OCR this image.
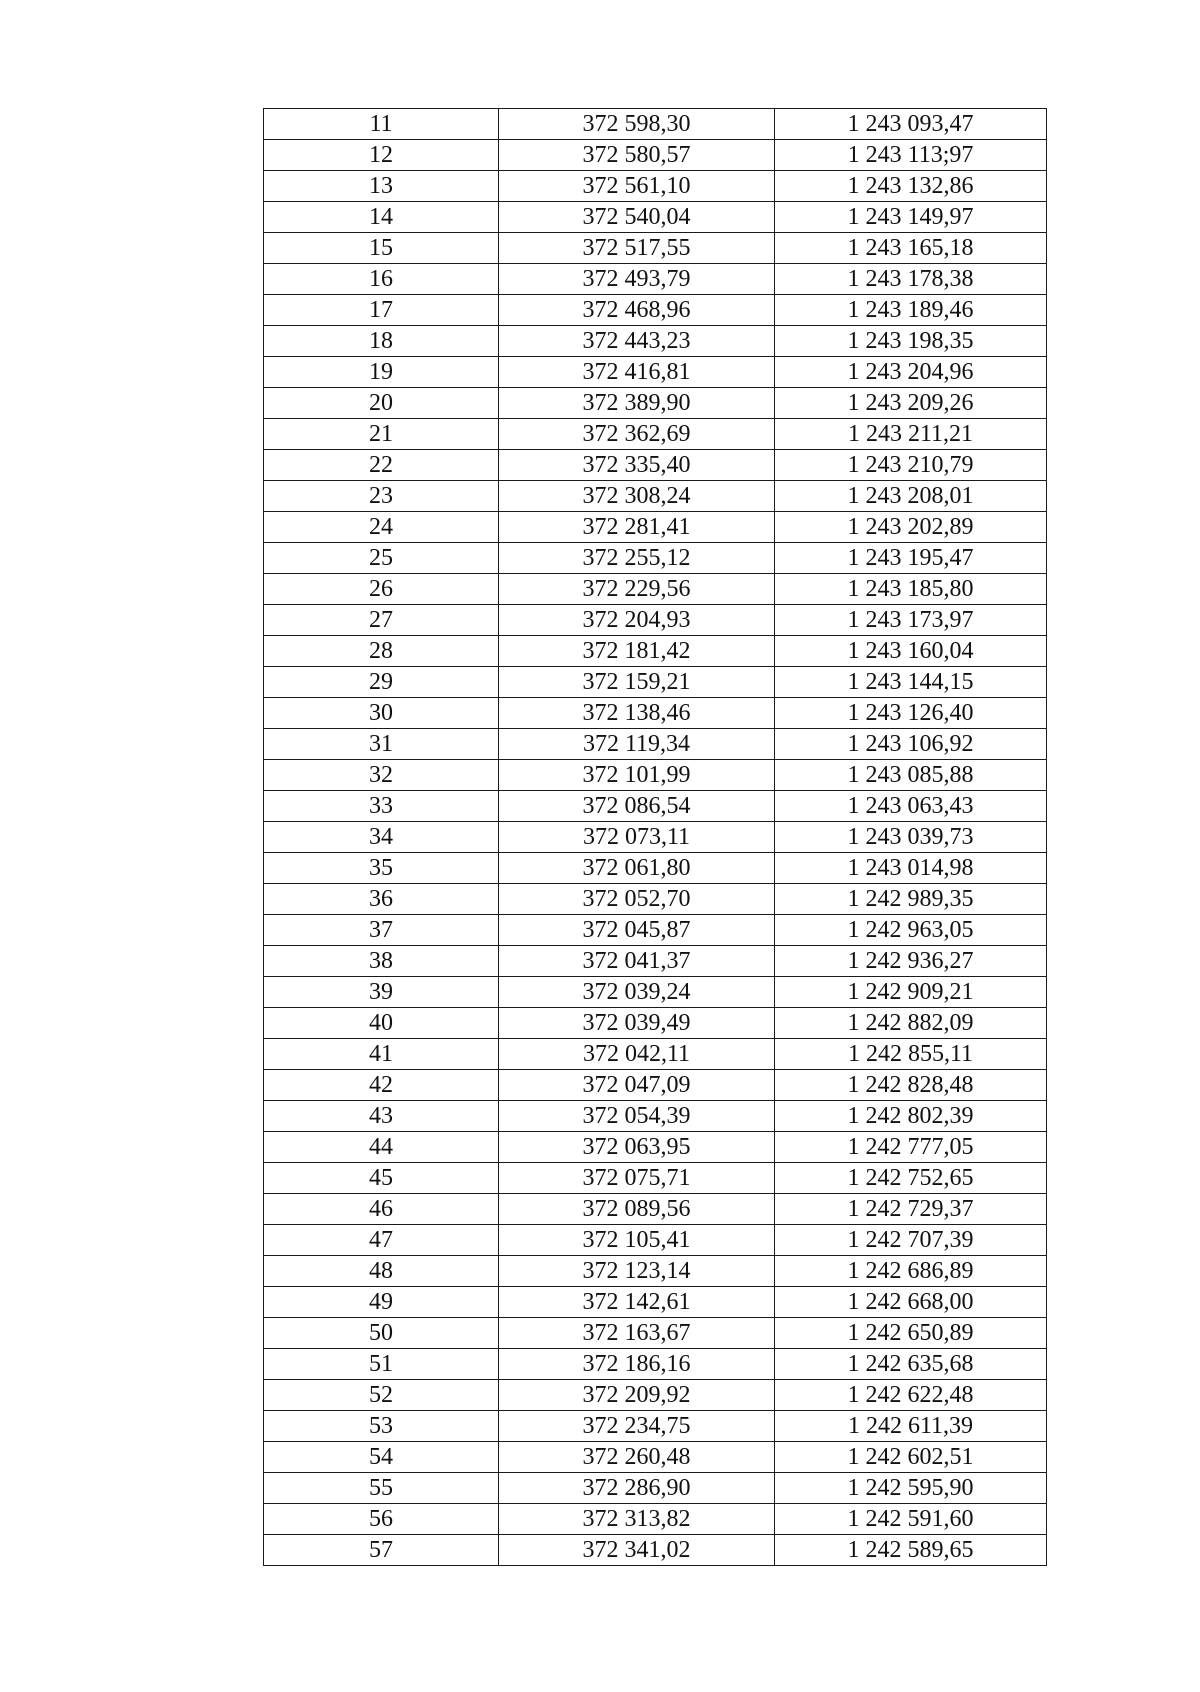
11	372 598,30	1 243 093,47
12	372 580,57	1 243 113;97
13	372 561,10	1 243 132,86
14	372 540,04	1 243 149,97
15	372 517,55	1 243 165,18
16	372 493,79	1 243 178,38
17	372 468,96	1 243 189,46
18	372 443,23	1 243 198,35
19	372 416,81	1 243 204,96
20	372 389,90	1 243 209,26
21	372 362,69	1 243 211,21
22	372 335,40	1 243 210,79
23	372 308,24	1 243 208,01
24	372 281,41	1 243 202,89
25	372 255,12	1 243 195,47
26	372 229,56	1 243 185,80
27	372 204,93	1 243 173,97
28	372 181,42	1 243 160,04
29	372 159,21	1 243 144,15
30	372 138,46	1 243 126,40
31	372 119,34	1 243 106,92
32	372 101,99	1 243 085,88
33	372 086,54	1 243 063,43
34	372 073,11	1 243 039,73
35	372 061,80	1 243 014,98
36	372 052,70	1 242 989,35
37	372 045,87	1 242 963,05
38	372 041,37	1 242 936,27
39	372 039,24	1 242 909,21
40	372 039,49	1 242 882,09
41	372 042,11	1 242 855,11
42	372 047,09	1 242 828,48
43	372 054,39	1 242 802,39
44	372 063,95	1 242 777,05
45	372 075,71	1 242 752,65
46	372 089,56	1 242 729,37
47	372 105,41	1 242 707,39
48	372 123,14	1 242 686,89
49	372 142,61	1 242 668,00
50	372 163,67	1 242 650,89
51	372 186,16	1 242 635,68
52	372 209,92	1 242 622,48
53	372 234,75	1 242 611,39
54	372 260,48	1 242 602,51
55	372 286,90	1 242 595,90
56	372 313,82	1 242 591,60
57	372 341,02	1 242 589,65
